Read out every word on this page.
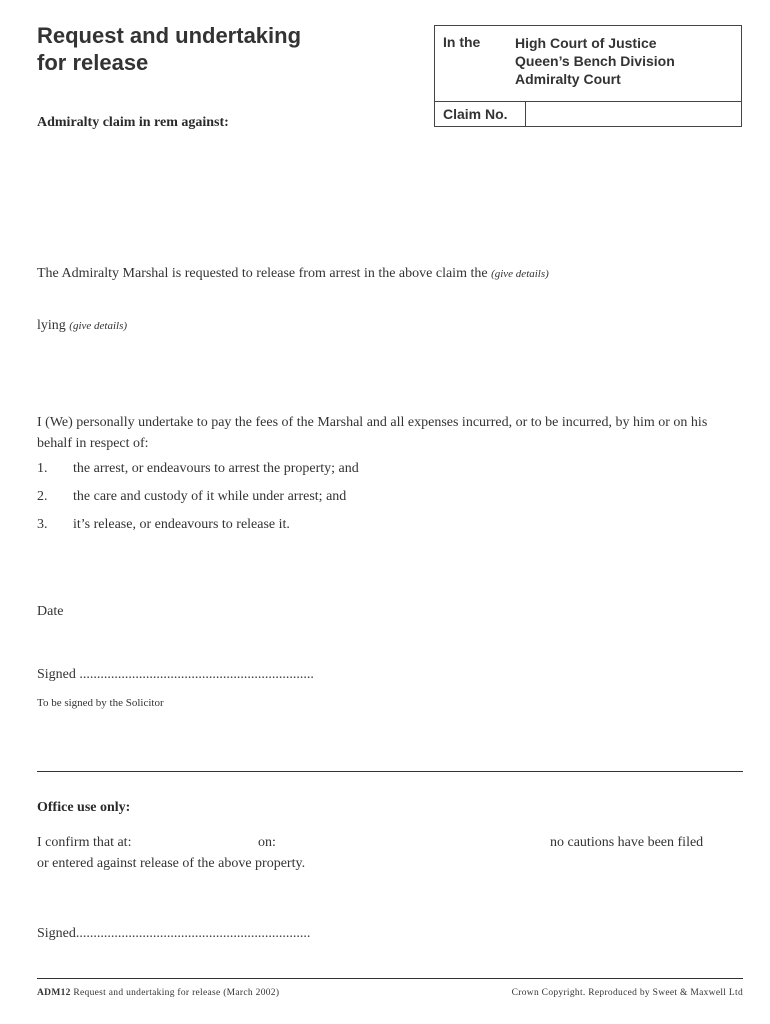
Request and undertaking
for release
In the High Court of Justice
Queen’s Bench Division
Admiralty Court
Claim No.
Admiralty claim in rem against:
The Admiralty Marshal is requested to release from arrest in the above claim the (give details)
lying (give details)
I (We) personally undertake to pay the fees of the Marshal and all expenses incurred, or to be incurred, by him or on his
behalf in respect of:
1.	the arrest, or endeavours to arrest the property; and
2.	the care and custody of it while under arrest; and
3.	it’s release, or endeavours to release it.
Date
Signed ...................................................................
To be signed by the Solicitor
Office use only:
I confirm that at:	on:	no cautions have been filed
or entered against release of the above property.
Signed...................................................................
ADM12 Request and undertaking for release (March 2002)	Crown Copyright. Reproduced by Sweet & Maxwell Ltd
